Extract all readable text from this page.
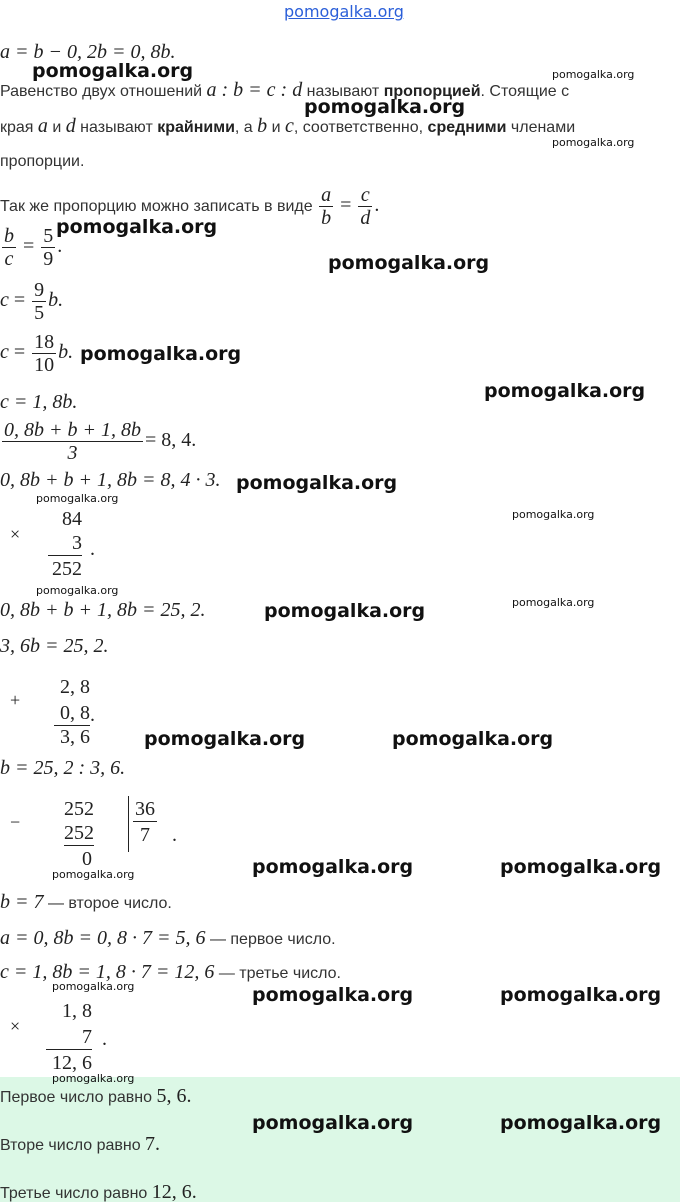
pomogalka.org
a = b − 0, 2b = 0, 8b.
Равенство двух отношений a : b = c : d называют пропорцией. Стоящие с
края a и d называют крайними, а b и c, соответственно, средними членами
пропорции.
Так же пропорцию можно записать в виде $\frac{a}{b} = \frac{c}{d}$ .
$\frac{b}{c} = \frac{5}{9}$ .
$c = \frac{9}{5} b$.
$c = \frac{18}{10} b$.
c = 1, 8b.
$\frac{0, 8b + b + 1, 8b}{3} = 8$, 4.
0, 8b + b + 1, 8b = 8, 4 · 3.
×
84
3
252
.
0, 8b + b + 1, 8b = 25, 2.
3, 6b = 25, 2.
+
2, 8
0, 8
3, 6
.
b = 25, 2 : 3, 6.
−
252
252
0
36
7 .
b = 7 — второе число.
a = 0, 8b = 0, 8 · 7 = 5, 6 — первое число.
c = 1, 8b = 1, 8 · 7 = 12, 6 — третье число.
×
1, 8
7
12, 6
.
Первое число равно 5, 6.
Вторе число равно 7.
Третье число равно 12, 6.
pomogalka.org	pomogalka.org
pomogalka.org
pomogalka.org
pomogalka.org
pomogalka.org
pomogalka.org
pomogalka.org
pomogalka.org
pomogalka.org
pomogalka.org
pomogalka.org
pomogalka.org
pomogalka.org
pomogalka.org	pomogalka.org
pomogalka.org	pomogalka.org
pomogalka.org
pomogalka.org	pomogalka.org	pomogalka.org
pomogalka.org
pomogalka.org	pomogalka.org
